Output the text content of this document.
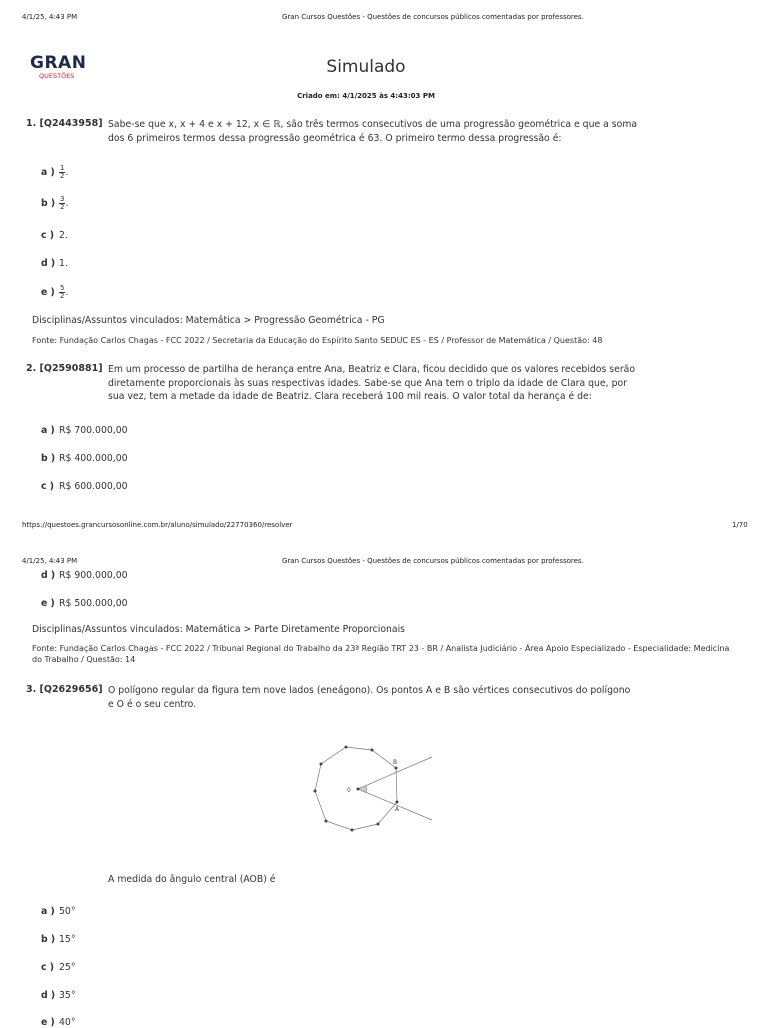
4/1/25, 4:43 PM	Gran Cursos Questões - Questões de concursos públicos comentadas por professores.
GRAN
QUESTÕES	Simulado
Criado em: 4/1/2025 às 4:43:03 PM
1. [Q2443958] Sabe-se que x, x + 4 e x + 12, x ∈ ℝ, são três termos consecutivos de uma progressão geométrica e que a soma dos 6 primeiros termos dessa progressão geométrica é 63. O primeiro termo dessa progressão é:
a ) $\frac{1}{2}$ .
b ) $\frac{3}{2}$ .
c ) 2.
d ) 1.
e ) $\frac{5}{2}$ .
Disciplinas/Assuntos vinculados: Matemática > Progressão Geométrica - PG
Fonte: Fundação Carlos Chagas - FCC 2022 / Secretaria da Educação do Espírito Santo SEDUC ES - ES / Professor de Matemática / Questão: 48
2. [Q2590881] Em um processo de partilha de herança entre Ana, Beatriz e Clara, ficou decidido que os valores recebidos serão diretamente proporcionais às suas respectivas idades. Sabe-se que Ana tem o triplo da idade de Clara que, por sua vez, tem a metade da idade de Beatriz. Clara receberá 100 mil reais. O valor total da herança é de:
a ) R$ 700.000,00
b ) R$ 400.000,00
c ) R$ 600.000,00
https://questoes.grancursosonline.com.br/aluno/simulado/22770360/resolver	1/70
4/1/25, 4:43 PM	Gran Cursos Questões - Questões de concursos públicos comentadas por professores.
d ) R$ 900.000,00
e ) R$ 500.000,00
Disciplinas/Assuntos vinculados: Matemática > Parte Diretamente Proporcionais
Fonte: Fundação Carlos Chagas - FCC 2022 / Tribunal Regional do Trabalho da 23ª Região TRT 23 - BR / Analista Judiciário - Área Apoio Especializado - Especialidade: Medicina do Trabalho / Questão: 14
3. [Q2629656] O polígono regular da figura tem nove lados (eneágono). Os pontos A e B são vértices consecutivos do polígono e O é o seu centro.
0
B
A
A medida do ângulo central (AOB) é
a ) 50°
b ) 15°
c ) 25°
d ) 35°
e ) 40°
